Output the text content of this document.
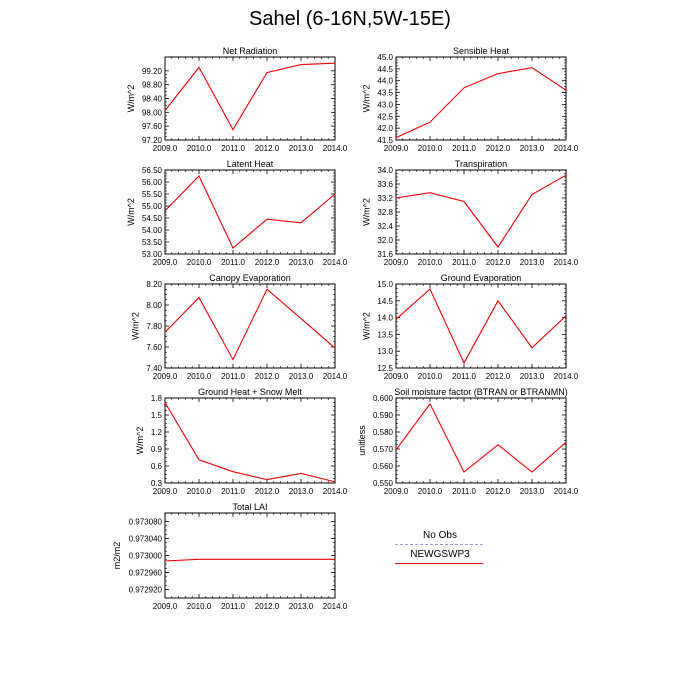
Sahel (6-16N,5W-15E)
Net Radiation
2009.0 2010.0 2011.0 2012.0 2013.0 2014.0
97.20
97.60
98.00
98.40
98.80
99.20
W/m^2
Sensible Heat
2009.0 2010.0 2011.0 2012.0 2013.0 2014.0
41.5
42.0
42.5
43.0
43.5
44.0
44.5
45.0
W/m^2
Latent Heat
2009.0 2010.0 2011.0 2012.0 2013.0 2014.0
53.00
53.50
54.00
54.50
55.00
55.50
56.00
56.50
W/m^2
Transpiration
2009.0 2010.0 2011.0 2012.0 2013.0 2014.0
31.6
32.0
32.4
32.8
33.2
33.6
34.0
W/m^2
Canopy Evaporation
2009.0 2010.0 2011.0 2012.0 2013.0 2014.0
7.40
7.60
7.80
8.00
8.20
W/m^2
Ground Evaporation
2009.0 2010.0 2011.0 2012.0 2013.0 2014.0
12.5
13.0
13.5
14.0
14.5
15.0
W/m^2
Ground Heat + Snow Melt
2009.0 2010.0 2011.0 2012.0 2013.0 2014.0
0.3
0.6
0.9
1.2
1.5
1.8
W/m^2
Soil moisture factor (BTRAN or BTRANMN)
2009.0 2010.0 2011.0 2012.0 2013.0 2014.0
0.550
0.560
0.570
0.580
0.590
0.600
unitless
Total LAI
2009.0 2010.0 2011.0 2012.0 2013.0 2014.0
0.972920
0.972960
0.973000
0.973040
0.973080
m2/m2
No Obs
NEWGSWP3
